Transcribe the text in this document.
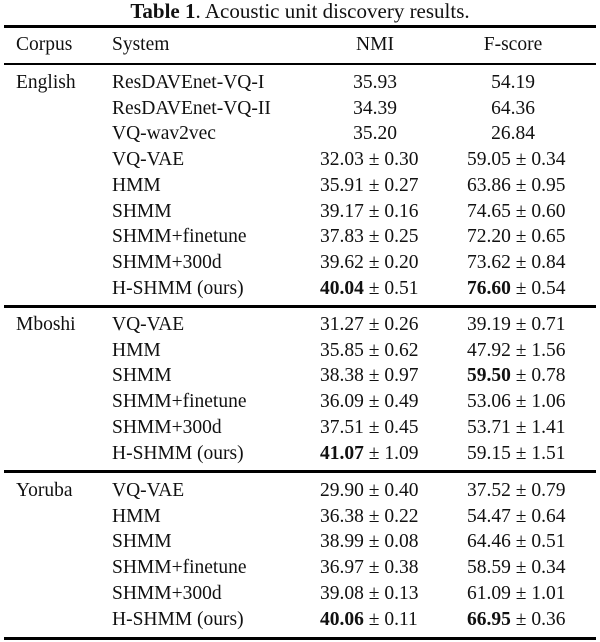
Table 1. Acoustic unit discovery results.
Corpus System	NMI	F-score
English ResDAVEnet-VQ-I	35.93	54.19
ResDAVEnet-VQ-II	34.39	64.36
VQ-wav2vec	35.20	26.84
VQ-VAE	32.03 ± 0.30	59.05 ± 0.34
HMM	35.91 ± 0.27	63.86 ± 0.95
SHMM	39.17 ± 0.16	74.65 ± 0.60
SHMM+finetune	37.83 ± 0.25	72.20 ± 0.65
SHMM+300d	39.62 ± 0.20	73.62 ± 0.84
H-SHMM (ours)	40.04 ± 0.51	76.60 ± 0.54
Mboshi VQ-VAE	31.27 ± 0.26	39.19 ± 0.71
HMM	35.85 ± 0.62	47.92 ± 1.56
SHMM	38.38 ± 0.97	59.50 ± 0.78
SHMM+finetune	36.09 ± 0.49	53.06 ± 1.06
SHMM+300d	37.51 ± 0.45	53.71 ± 1.41
H-SHMM (ours)	41.07 ± 1.09	59.15 ± 1.51
Yoruba VQ-VAE	29.90 ± 0.40	37.52 ± 0.79
HMM	36.38 ± 0.22	54.47 ± 0.64
SHMM	38.99 ± 0.08	64.46 ± 0.51
SHMM+finetune	36.97 ± 0.38	58.59 ± 0.34
SHMM+300d	39.08 ± 0.13	61.09 ± 1.01
H-SHMM (ours)	40.06 ± 0.11	66.95 ± 0.36
